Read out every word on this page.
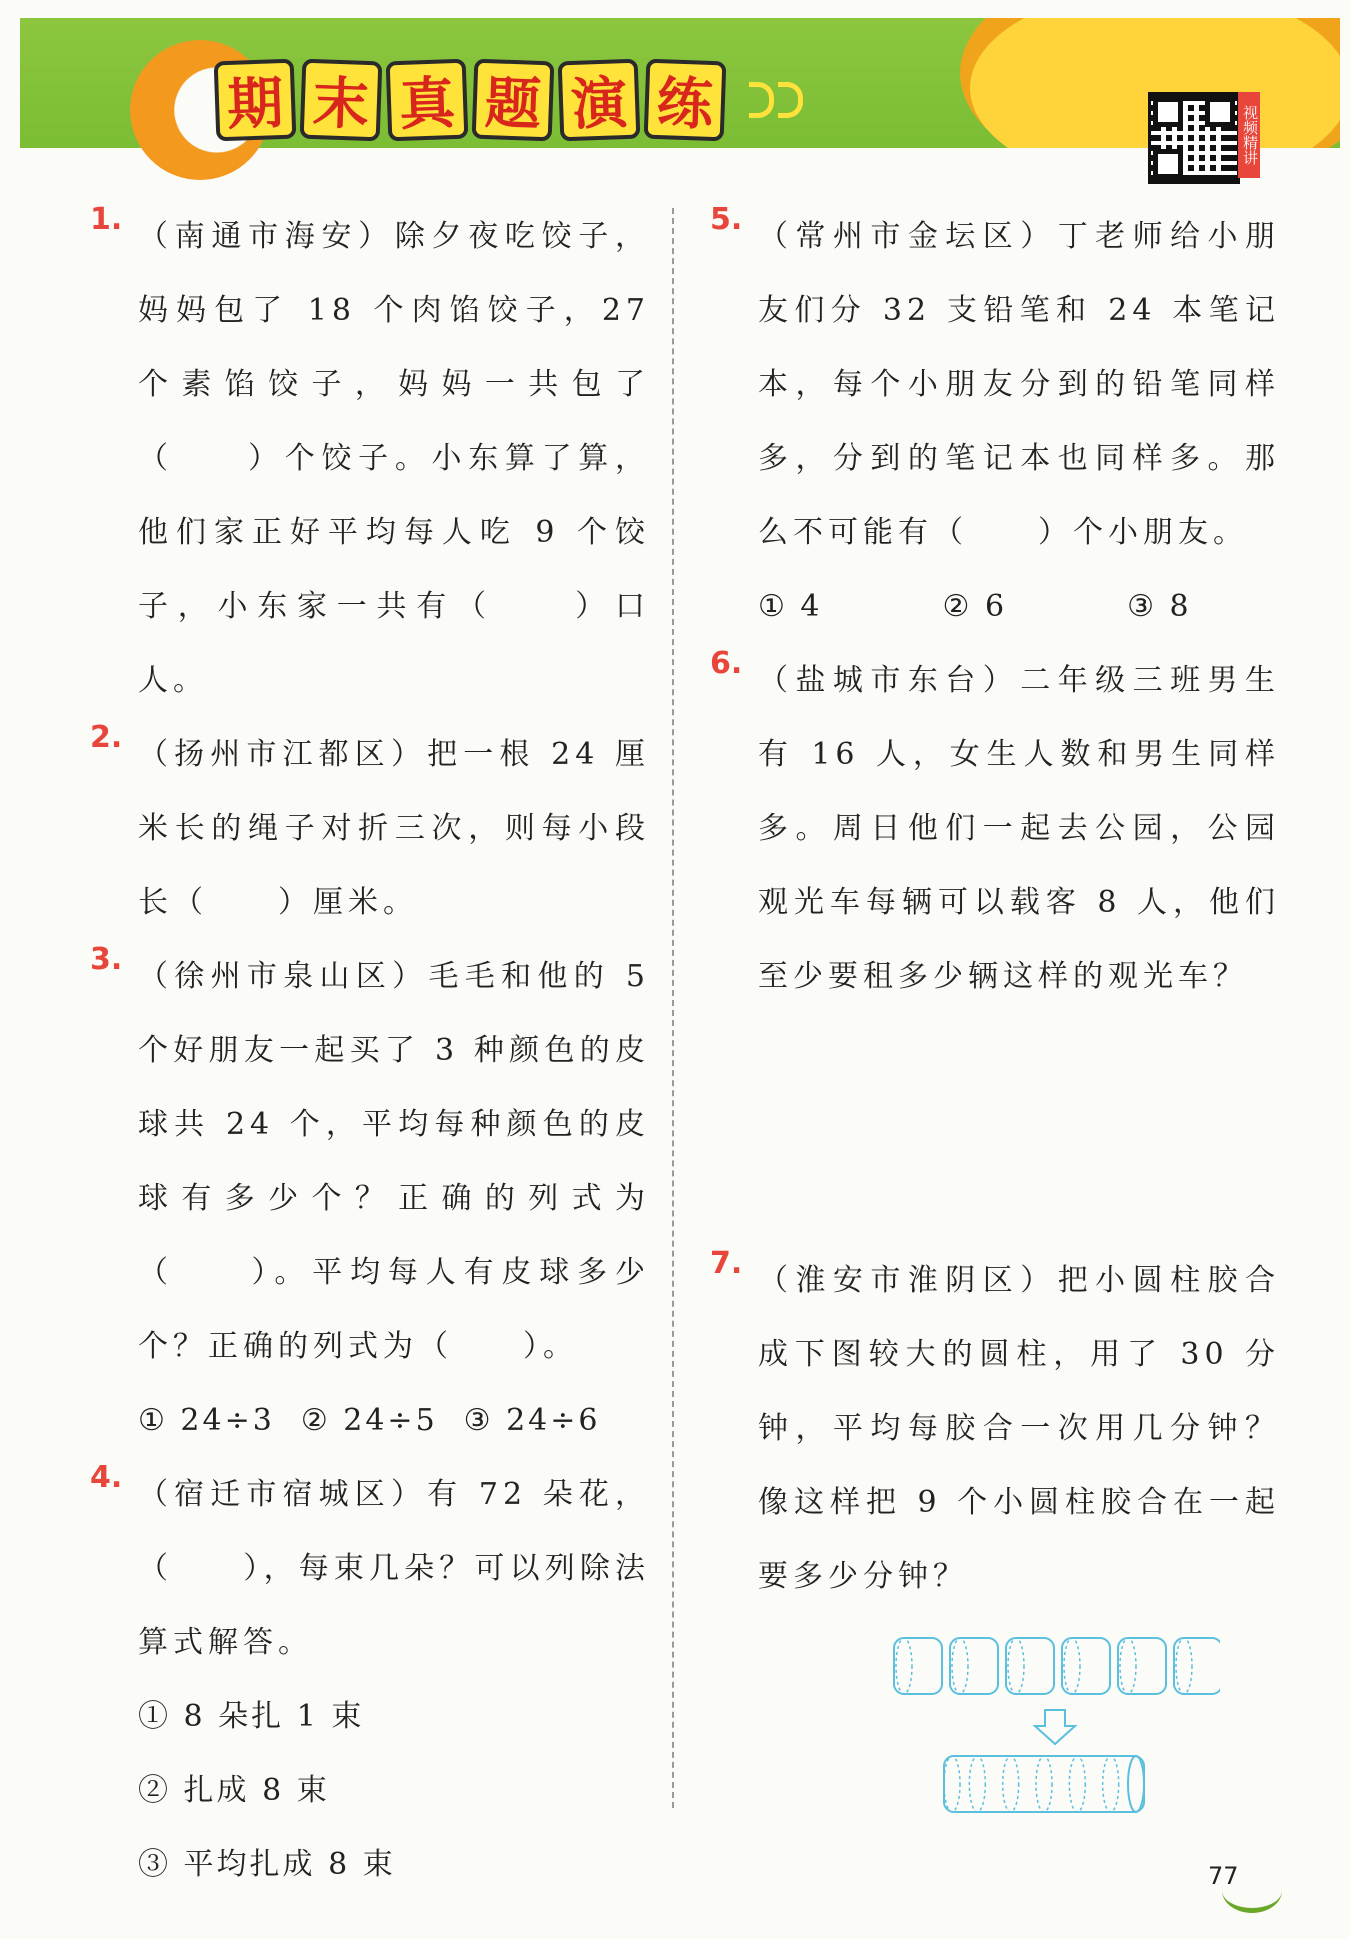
期 末 真 题 演 练	视频精讲
1. （南通市海安）除夕夜吃饺子，妈妈包了 18 个肉馅饺子，27 个素馅饺子，妈妈一共包了（　　）个饺子。小东算了算，他们家正好平均每人吃 9 个饺子，小东家一共有（　　）口人。
2. （扬州市江都区）把一根 24 厘米长的绳子对折三次，则每小段长（　　）厘米。
3. （徐州市泉山区）毛毛和他的 5 个好朋友一起买了 3 种颜色的皮球共 24 个，平均每种颜色的皮球有多少个？正确的列式为（　　）。平均每人有皮球多少个？正确的列式为（　　）。
① 24÷3 ② 24÷5 ③ 24÷6
4. （宿迁市宿城区）有 72 朵花，（　　），每束几朵？可以列除法算式解答。
① 8 朵扎 1 束
② 扎成 8 束
③ 平均扎成 8 束
5. （常州市金坛区）丁老师给小朋友们分 32 支铅笔和 24 本笔记本，每个小朋友分到的铅笔同样多，分到的笔记本也同样多。那么不可能有（　　）个小朋友。
① 4	② 6	③ 8
6. （盐城市东台）二年级三班男生有 16 人，女生人数和男生同样多。周日他们一起去公园，公园观光车每辆可以载客 8 人，他们至少要租多少辆这样的观光车？
7. （淮安市淮阴区）把小圆柱胶合成下图较大的圆柱，用了 30 分钟，平均每胶合一次用几分钟？像这样把 9 个小圆柱胶合在一起要多少分钟？
77
